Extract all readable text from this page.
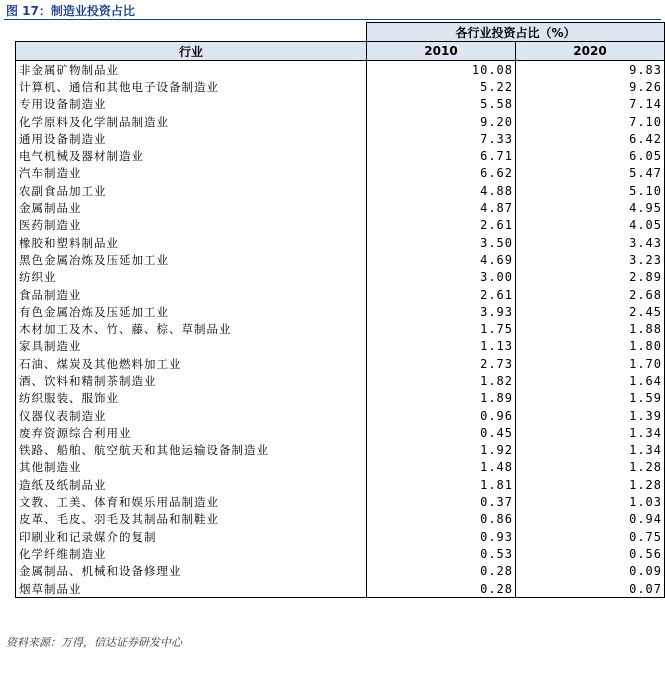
图 17：制造业投资占比
	各行业投资占比（%）	
行业	2010	2020
非金属矿物制品业	10.08	9.83
计算机、通信和其他电子设备制造业	5.22	9.26
专用设备制造业	5.58	7.14
化学原料及化学制品制造业	9.20	7.10
通用设备制造业	7.33	6.42
电气机械及器材制造业	6.71	6.05
汽车制造业	6.62	5.47
农副食品加工业	4.88	5.10
金属制品业	4.87	4.95
医药制造业	2.61	4.05
橡胶和塑料制品业	3.50	3.43
黑色金属冶炼及压延加工业	4.69	3.23
纺织业	3.00	2.89
食品制造业	2.61	2.68
有色金属冶炼及压延加工业	3.93	2.45
木材加工及木、竹、藤、棕、草制品业	1.75	1.88
家具制造业	1.13	1.80
石油、煤炭及其他燃料加工业	2.73	1.70
酒、饮料和精制茶制造业	1.82	1.64
纺织服装、服饰业	1.89	1.59
仪器仪表制造业	0.96	1.39
废弃资源综合利用业	0.45	1.34
铁路、船舶、航空航天和其他运输设备制造业	1.92	1.34
其他制造业	1.48	1.28
造纸及纸制品业	1.81	1.28
文教、工美、体育和娱乐用品制造业	0.37	1.03
皮革、毛皮、羽毛及其制品和制鞋业	0.86	0.94
印刷业和记录媒介的复制	0.93	0.75
化学纤维制造业	0.53	0.56
金属制品、机械和设备修理业	0.28	0.09
烟草制品业	0.28	0.07
资料来源：万得，信达证券研发中心
